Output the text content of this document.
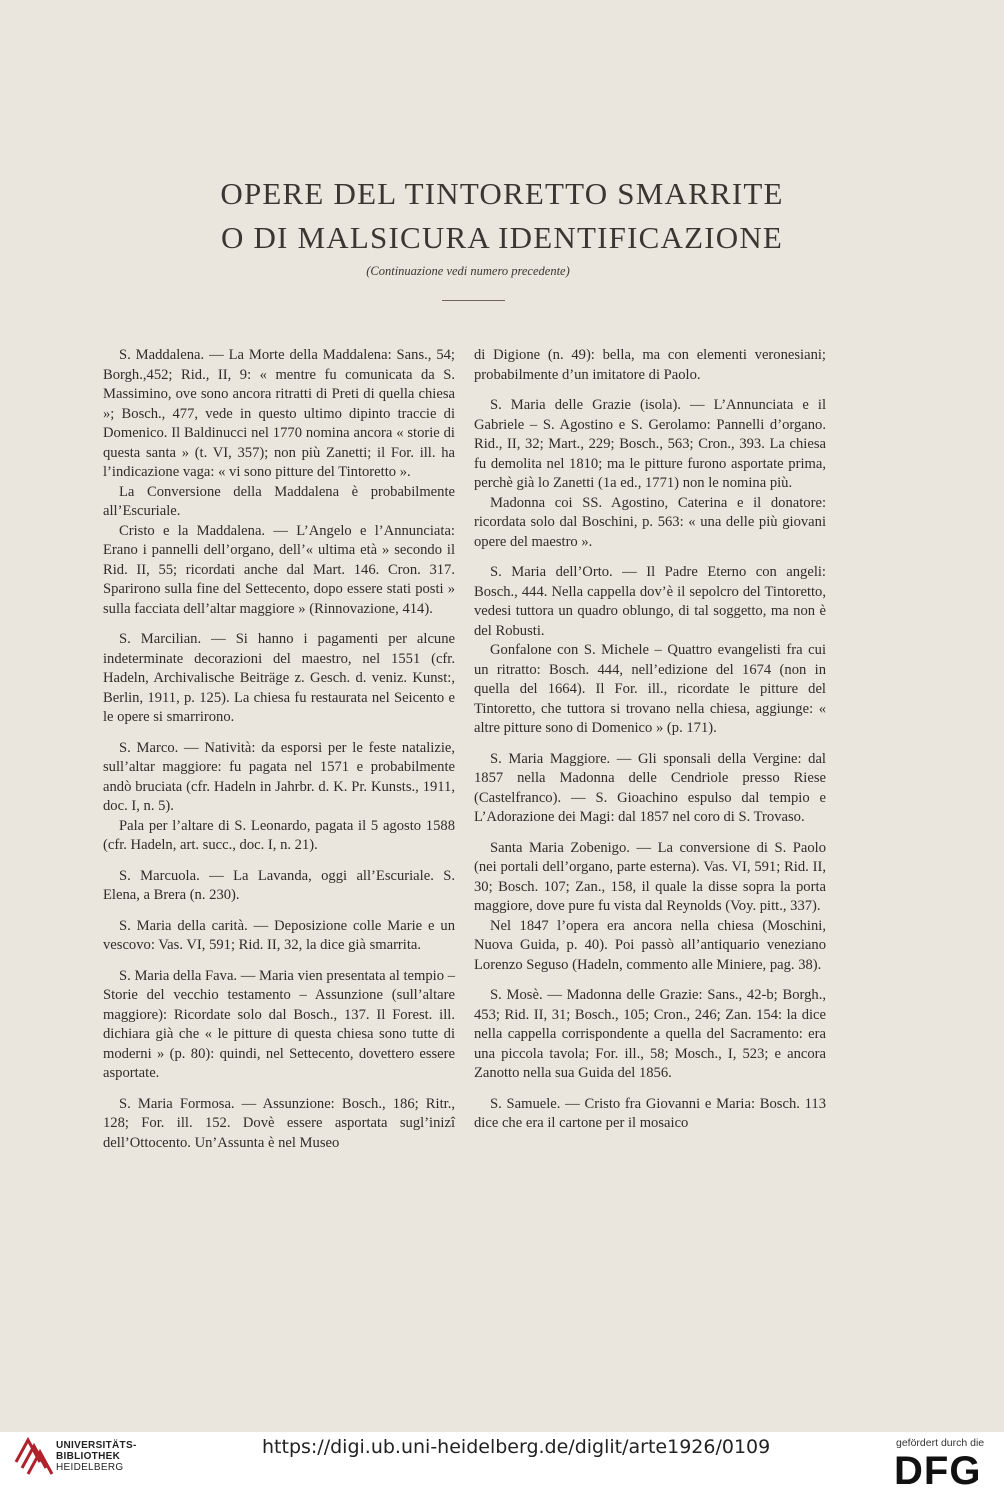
OPERE DEL TINTORETTO SMARRITE
O DI MALSICURA IDENTIFICAZIONE
(Continuazione vedi numero precedente)

S. Maddalena. — La Morte della Maddalena: Sans., 54; Borgh.,452; Rid., II, 9: « mentre fu comunicata da S. Massimino, ove sono ancora ritratti di Preti di quella chiesa »; Bosch., 477, vede in questo ultimo dipinto traccie di Domenico. Il Baldinucci nel 1770 nomina ancora « storie di questa santa » (t. VI, 357); non più Zanetti; il For. ill. ha l’indicazione vaga: « vi sono pitture del Tintoretto ».

La Conversione della Maddalena è probabilmente all’Escuriale.

Cristo e la Maddalena. — L’Angelo e l’Annunciata: Erano i pannelli dell’organo, dell’« ultima età » secondo il Rid. II, 55; ricordati anche dal Mart. 146. Cron. 317. Sparirono sulla fine del Settecento, dopo essere stati posti » sulla facciata dell’altar maggiore » (Rinnovazione, 414).

S. Marcilian. — Si hanno i pagamenti per alcune indeterminate decorazioni del maestro, nel 1551 (cfr. Hadeln, Archivalische Beiträge z. Gesch. d. veniz. Kunst:, Berlin, 1911, p. 125). La chiesa fu restaurata nel Seicento e le opere si smarrirono.

S. Marco. — Natività: da esporsi per le feste natalizie, sull’altar maggiore: fu pagata nel 1571 e probabilmente andò bruciata (cfr. Hadeln in Jahrbr. d. K. Pr. Kunsts., 1911, doc. I, n. 5).

Pala per l’altare di S. Leonardo, pagata il 5 agosto 1588 (cfr. Hadeln, art. succ., doc. I, n. 21).

S. Marcuola. — La Lavanda, oggi all’Escuriale. S. Elena, a Brera (n. 230).

S. Maria della carità. — Deposizione colle Marie e un vescovo: Vas. VI, 591; Rid. II, 32, la dice già smarrita.

S. Maria della Fava. — Maria vien presentata al tempio – Storie del vecchio testamento – Assunzione (sull’altare maggiore): Ricordate solo dal Bosch., 137. Il Forest. ill. dichiara già che « le pitture di questa chiesa sono tutte di moderni » (p. 80): quindi, nel Settecento, dovettero essere asportate.

S. Maria Formosa. — Assunzione: Bosch., 186; Ritr., 128; For. ill. 152. Dovè essere asportata sugl’inizî dell’Ottocento. Un’Assunta è nel Museo

di Digione (n. 49): bella, ma con elementi veronesiani; probabilmente d’un imitatore di Paolo.

S. Maria delle Grazie (isola). — L’Annunciata e il Gabriele – S. Agostino e S. Gerolamo: Pannelli d’organo. Rid., II, 32; Mart., 229; Bosch., 563; Cron., 393. La chiesa fu demolita nel 1810; ma le pitture furono asportate prima, perchè già lo Zanetti (1a ed., 1771) non le nomina più.

Madonna coi SS. Agostino, Caterina e il donatore: ricordata solo dal Boschini, p. 563: « una delle più giovani opere del maestro ».

S. Maria dell’Orto. — Il Padre Eterno con angeli: Bosch., 444. Nella cappella dov’è il sepolcro del Tintoretto, vedesi tuttora un quadro oblungo, di tal soggetto, ma non è del Robusti.

Gonfalone con S. Michele – Quattro evangelisti fra cui un ritratto: Bosch. 444, nell’edizione del 1674 (non in quella del 1664). Il For. ill., ricordate le pitture del Tintoretto, che tuttora si trovano nella chiesa, aggiunge: « altre pitture sono di Domenico » (p. 171).

S. Maria Maggiore. — Gli sponsali della Vergine: dal 1857 nella Madonna delle Cendriole presso Riese (Castelfranco). — S. Gioachino espulso dal tempio e L’Adorazione dei Magi: dal 1857 nel coro di S. Trovaso.

Santa Maria Zobenigo. — La conversione di S. Paolo (nei portali dell’organo, parte esterna). Vas. VI, 591; Rid. II, 30; Bosch. 107; Zan., 158, il quale la disse sopra la porta maggiore, dove pure fu vista dal Reynolds (Voy. pitt., 337).

Nel 1847 l’opera era ancora nella chiesa (Moschini, Nuova Guida, p. 40). Poi passò all’antiquario veneziano Lorenzo Seguso (Hadeln, commento alle Miniere, pag. 38).

S. Mosè. — Madonna delle Grazie: Sans., 42-b; Borgh., 453; Rid. II, 31; Bosch., 105; Cron., 246; Zan. 154: la dice nella cappella corrispondente a quella del Sacramento: era una piccola tavola; For. ill., 58; Mosch., I, 523; e ancora Zanotto nella sua Guida del 1856.

S. Samuele. — Cristo fra Giovanni e Maria: Bosch. 113 dice che era il cartone per il mosaico

UNIVERSITÄTS-
BIBLIOTHEK
HEIDELBERG
https://digi.ub.uni-heidelberg.de/diglit/arte1926/0109	gefördert durch die
DFG
